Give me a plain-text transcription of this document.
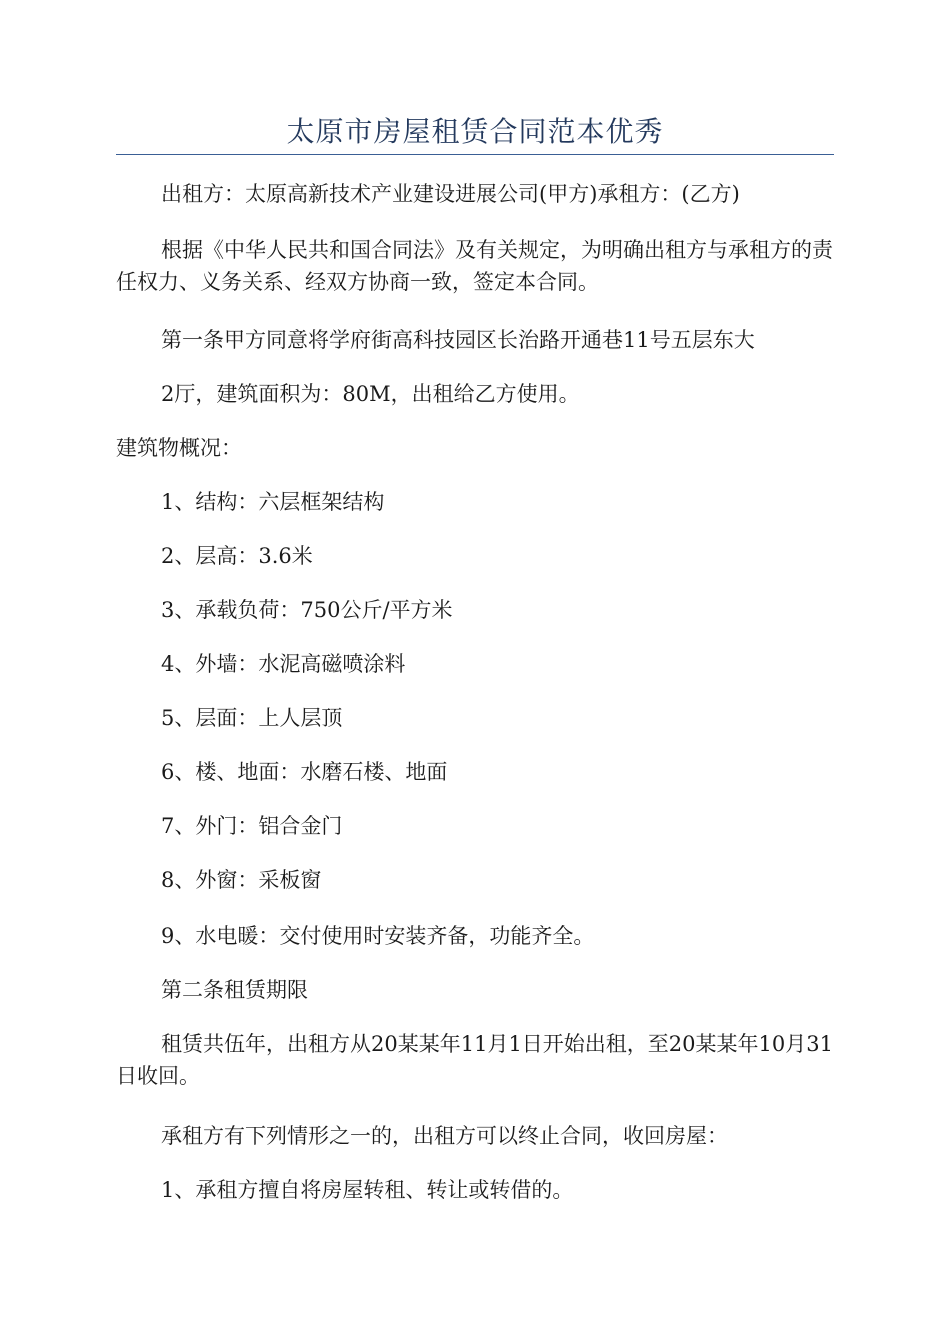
太原市房屋租赁合同范本优秀
出租方：太原高新技术产业建设进展公司(甲方)承租方：(乙方)
根据《中华人民共和国合同法》及有关规定，为明确出租方与承租方的责任权力、义务关系、经双方协商一致，签定本合同。
第一条甲方同意将学府街高科技园区长治路开通巷11号五层东大
2厅，建筑面积为：80M，出租给乙方使用。
建筑物概况：
1、结构：六层框架结构
2、层高：3.6米
3、承载负荷：750公斤/平方米
4、外墙：水泥高磁喷涂料
5、层面：上人层顶
6、楼、地面：水磨石楼、地面
7、外门：铝合金门
8、外窗：采板窗
9、水电暖：交付使用时安装齐备，功能齐全。
第二条租赁期限
租赁共伍年，出租方从20某某年11月1日开始出租，至20某某年10月31日收回。
承租方有下列情形之一的，出租方可以终止合同，收回房屋：
1、承租方擅自将房屋转租、转让或转借的。
